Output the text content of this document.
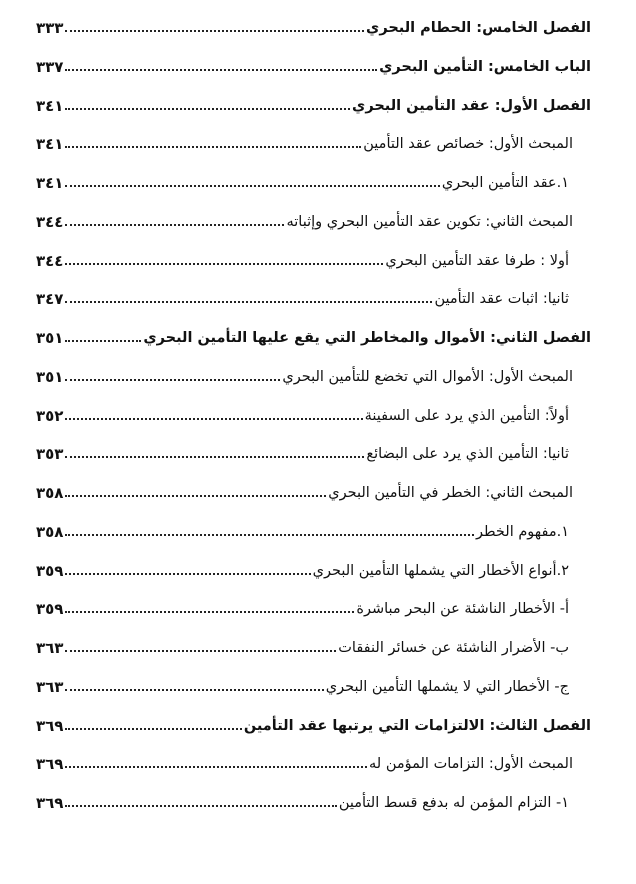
٣٣٣	الفصل الخامس: الحطام البحري
٣٣٧	الباب الخامس: التأمين البحري
٣٤١	الفصل الأول: عقد التأمين البحري
٣٤١	المبحث الأول: خصائص عقد التأمين
٣٤١	١.عقد التأمين البحري
٣٤٤	المبحث الثاني: تكوين عقد التأمين البحري وإثباته
٣٤٤	أولا : طرفا عقد التأمين البحري
٣٤٧	ثانيا: اثبات عقد التأمين
٣٥١	الفصل الثاني: الأموال والمخاطر التي يقع عليها التأمين البحري
٣٥١	المبحث الأول: الأموال التي تخضع للتأمين البحري
٣٥٢	أولاً: التأمين الذي يرد على السفينة
٣٥٣	ثانيا: التأمين الذي يرد على البضائع
٣٥٨	المبحث الثاني: الخطر في التأمين البحري
٣٥٨	١.مفهوم الخطر
٣٥٩	٢.أنواع الأخطار التي يشملها التأمين البحري
٣٥٩	أ- الأخطار الناشئة عن البحر مباشرة
٣٦٣	ب- الأضرار الناشئة عن خسائر النفقات
٣٦٣	ج- الأخطار التي لا يشملها التأمين البحري
٣٦٩	الفصل الثالث: الالتزامات التي يرتبها عقد التأمين
٣٦٩	المبحث الأول: التزامات المؤمن له
٣٦٩	١- التزام المؤمن له بدفع قسط التأمين
